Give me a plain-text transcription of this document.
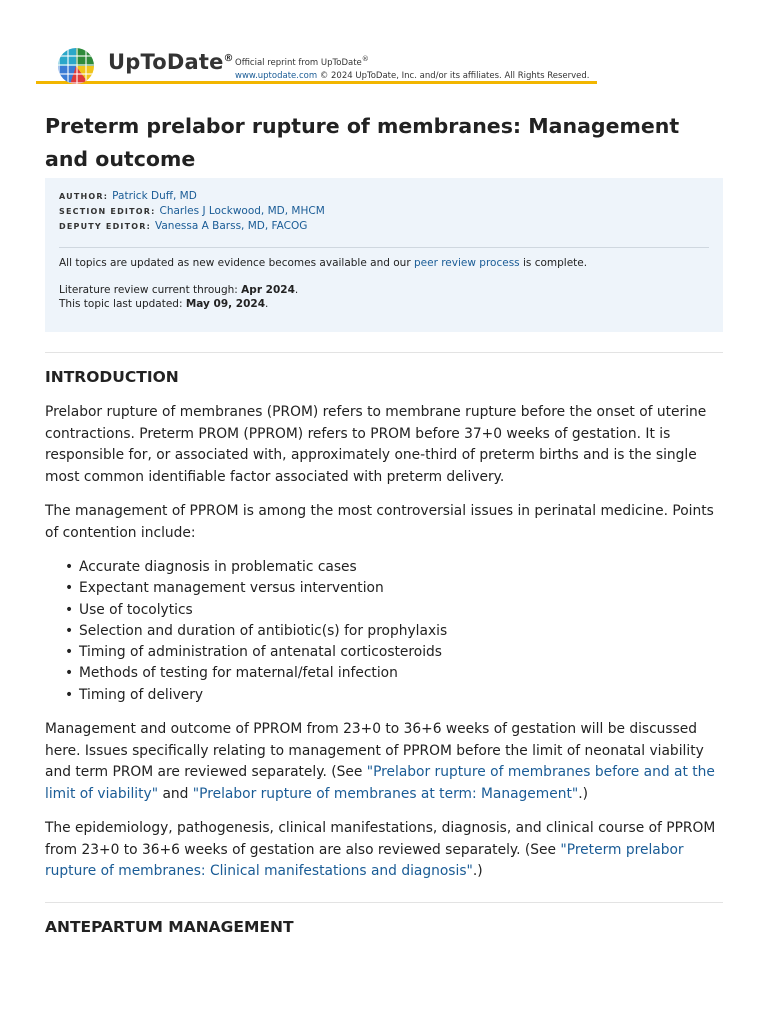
UpToDate® Official reprint from UpToDate®
www.uptodate.com © 2024 UpToDate, Inc. and/or its affiliates. All Rights Reserved.
Preterm prelabor rupture of membranes: Management and outcome
AUTHOR: Patrick Duff, MD
SECTION EDITOR: Charles J Lockwood, MD, MHCM
DEPUTY EDITOR: Vanessa A Barss, MD, FACOG

All topics are updated as new evidence becomes available and our peer review process is complete.

Literature review current through: Apr 2024.

This topic last updated: May 09, 2024.

INTRODUCTION

Prelabor rupture of membranes (PROM) refers to membrane rupture before the onset of uterine contractions. Preterm PROM (PPROM) refers to PROM before 37+0 weeks of gestation. It is responsible for, or associated with, approximately one-third of preterm births and is the single most common identifiable factor associated with preterm delivery.

The management of PPROM is among the most controversial issues in perinatal medicine. Points of contention include:

• Accurate diagnosis in problematic cases
• Expectant management versus intervention
• Use of tocolytics
• Selection and duration of antibiotic(s) for prophylaxis
• Timing of administration of antenatal corticosteroids
• Methods of testing for maternal/fetal infection
• Timing of delivery

Management and outcome of PPROM from 23+0 to 36+6 weeks of gestation will be discussed here. Issues specifically relating to management of PPROM before the limit of neonatal viability and term PROM are reviewed separately. (See "Prelabor rupture of membranes before and at the limit of viability" and "Prelabor rupture of membranes at term: Management".)

The epidemiology, pathogenesis, clinical manifestations, diagnosis, and clinical course of PPROM from 23+0 to 36+6 weeks of gestation are also reviewed separately. (See "Preterm prelabor rupture of membranes: Clinical manifestations and diagnosis".)

ANTEPARTUM MANAGEMENT
